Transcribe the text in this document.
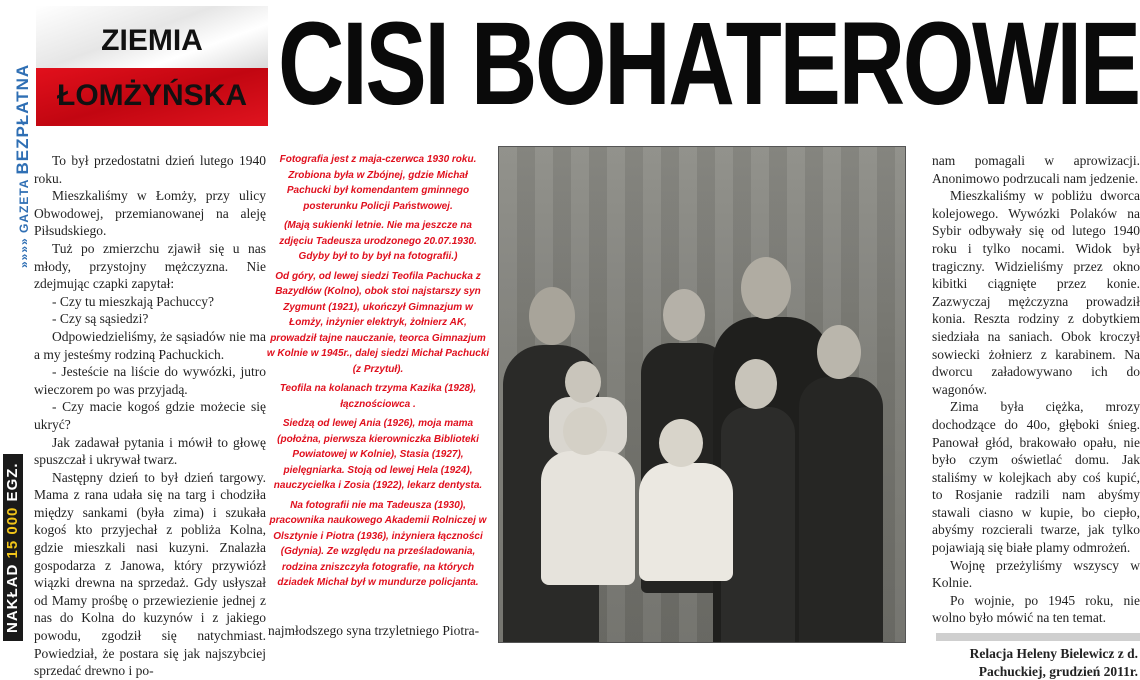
»»»» GAZETABEZPŁATNA
NAKŁAD 15 000 EGZ.
ZIEMIA
ŁOMŻYŃSKA CISI BOHATEROWIE

To był przedostatni dzień lutego 1940 roku.

Mieszkaliśmy w Łomży, przy ulicy Obwodowej, przemianowanej na aleję Piłsudskiego.

Tuż po zmierzchu zjawił się u nas młody, przystojny mężczyzna. Nie zdejmując czapki zapytał:

- Czy tu mieszkają Pachuccy?

- Czy są sąsiedzi?

Odpowiedzieliśmy, że sąsiadów nie ma a my jesteśmy rodziną Pachuckich.

- Jesteście na liście do wywózki, jutro wieczorem po was przyjadą.

- Czy macie kogoś gdzie możecie się ukryć?

Jak zadawał pytania i mówił to głowę spuszczał i ukrywał twarz.

Następny dzień to był dzień targowy. Mama z rana udała się na targ i chodziła między sankami (była zima) i szukała kogoś kto przyjechał z pobliża Kolna, gdzie mieszkali nasi kuzyni. Znalazła gospodarza z Janowa, który przywiózł wiązki drewna na sprzedaż. Gdy usłyszał od Mamy prośbę o przewiezienie jednej z nas do Kolna do kuzynów i z jakiego powodu, zgodził się natychmiast. Powiedział, że postara się jak najszybciej sprzedać drewno i po-

Fotografia jest z maja-czerwca 1930 roku. Zrobiona była w Zbójnej, gdzie Michał Pachucki był komendantem gminnego posterunku Policji Państwowej.

(Mają sukienki letnie. Nie ma jeszcze na zdjęciu Tadeusza urodzonego 20.07.1930. Gdyby był to by był na fotografii.)

Od góry, od lewej siedzi Teofila Pachucka z Bazydłów (Kolno), obok stoi najstarszy syn Zygmunt (1921), ukończył Gimnazjum w Łomży, inżynier elektryk, żołnierz AK, prowadził tajne nauczanie, teorca Gimnazjum w Kolnie w 1945r., dalej siedzi Michał Pachucki (z Przytuł).

Teofila na kolanach trzyma Kazika (1928), łącznościowca .

Siedzą od lewej Ania (1926), moja mama (położna, pierwsza kierowniczka Biblioteki Powiatowej w Kolnie), Stasia (1927), pielęgniarka. Stoją od lewej Hela (1924), nauczycielka i Zosia (1922), lekarz dentysta.

Na fotografii nie ma Tadeusza (1930), pracownika naukowego Akademii Rolniczej w Olsztynie i Piotra (1936), inżyniera łączności (Gdynia). Ze względu na prześladowania, rodzina zniszczyła fotografie, na których dziadek Michał był w mundurze policjanta.

najmłodszego syna trzyletniego Piotra-

nam pomagali w aprowizacji. Anonimowo podrzucali nam jedzenie.

Mieszkaliśmy w pobliżu dworca kolejowego. Wywózki Polaków na Sybir odbywały się od lutego 1940 roku i tylko nocami. Widok był tragiczny. Widzieliśmy przez okno kibitki ciągnięte przez konie. Zazwyczaj mężczyzna prowadził konia. Reszta rodziny z dobytkiem siedziała na saniach. Obok kroczył sowiecki żołnierz z karabinem. Na dworcu załadowywano ich do wagonów.

Zima była ciężka, mrozy dochodzące do 40o, głęboki śnieg. Panował głód, brakowało opału, nie było czym oświetlać domu. Jak staliśmy w kolejkach aby coś kupić, to Rosjanie radzili nam abyśmy stawali ciasno w kupie, bo ciepło, abyśmy rozcierali twarze, jak tylko pojawiają się białe plamy odmrożeń.

Wojnę przeżyliśmy wszyscy w Kolnie.

Po wojnie, po 1945 roku, nie wolno było mówić na ten temat.

Relacja Heleny Bielewicz z d. Pachuckiej, grudzień 2011r.
